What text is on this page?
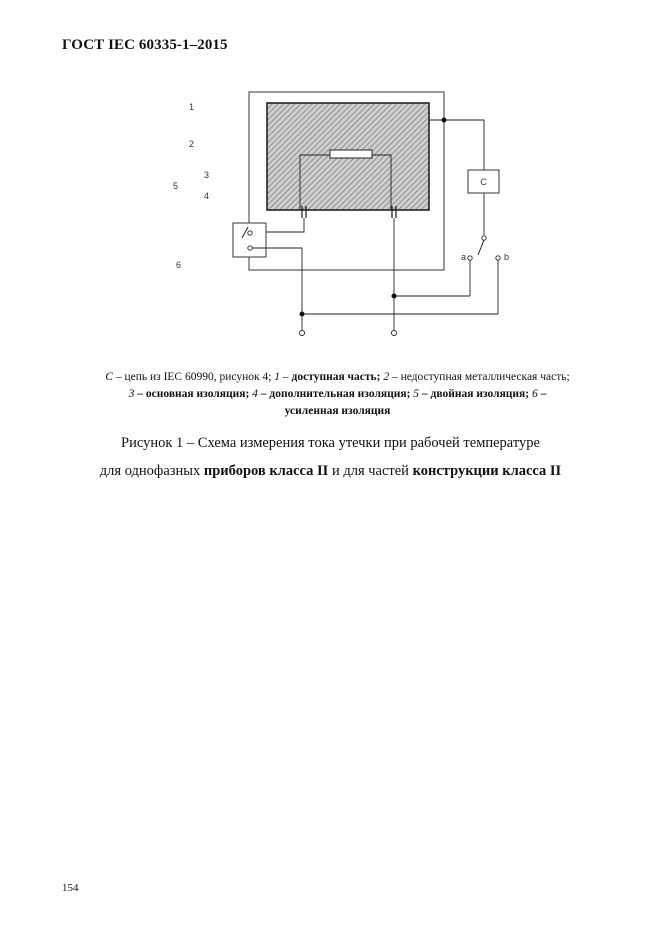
ГОСТ IEC 60335-1–2015
C
a	b
1
2
3
4
5
6
C – цепь из IEC 60990, рисунок 4; 1 – доступная часть; 2 – недоступная металлическая часть;
3 – основная изоляция; 4 – дополнительная изоляция; 5 – двойная изоляция; 6 –
усиленная изоляция
Рисунок 1 – Схема измерения тока утечки при рабочей температуре
для однофазных приборов класса II и для частей конструкции класса II
154
